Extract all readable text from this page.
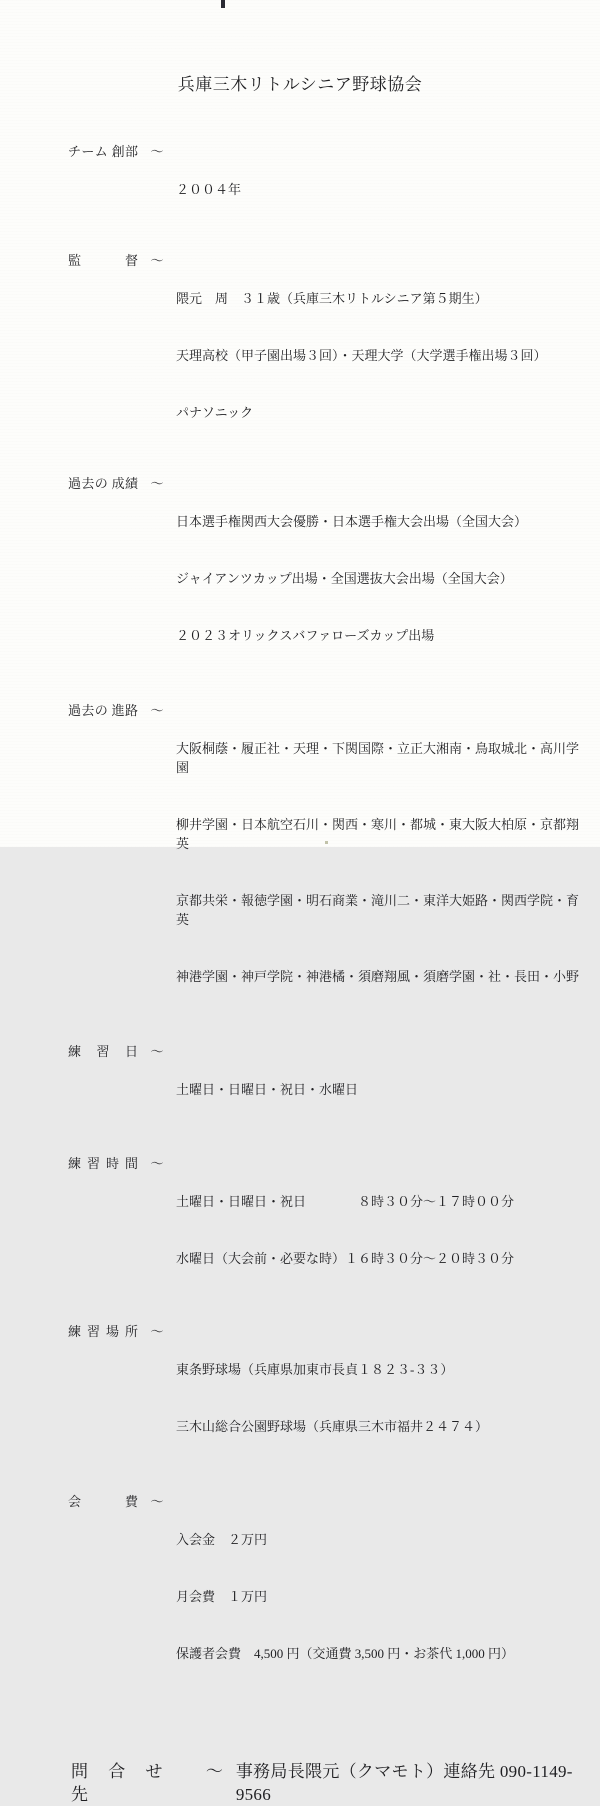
兵庫三木リトルシニア野球協会
チーム 創部 ～

２００４年

監 督 ～

隈元　周　３１歳（兵庫三木リトルシニア第５期生）

天理高校（甲子園出場３回）・天理大学（大学選手権出場３回）

パナソニック

過去の 成績 ～

日本選手権関西大会優勝・日本選手権大会出場（全国大会）

ジャイアンツカップ出場・全国選抜大会出場（全国大会）

２０２３オリックスバファローズカップ出場

過去の 進路 ～

大阪桐蔭・履正社・天理・下関国際・立正大湘南・鳥取城北・高川学園

柳井学園・日本航空石川・関西・寒川・都城・東大阪大柏原・京都翔英

京都共栄・報徳学園・明石商業・滝川二・東洋大姫路・関西学院・育英

神港学園・神戸学院・神港橘・須磨翔風・須磨学園・社・長田・小野

練 習 日 ～

土曜日・日曜日・祝日・水曜日

練 習 時 間 ～

土曜日・日曜日・祝日　　　　８時３０分～１７時００分

水曜日（大会前・必要な時）１６時３０分～２０時３０分

練 習 場 所 ～

東条野球場（兵庫県加東市長貞１８２３-３３）

三木山総合公園野球場（兵庫県三木市福井２４７４）

会 費 ～

入会金　２万円

月会費　１万円

保護者会費　4,500 円（交通費 3,500 円・お茶代 1,000 円）

問 合 せ 先
～ 事務局長隈元（クマモト）連絡先 090-1149-9566
